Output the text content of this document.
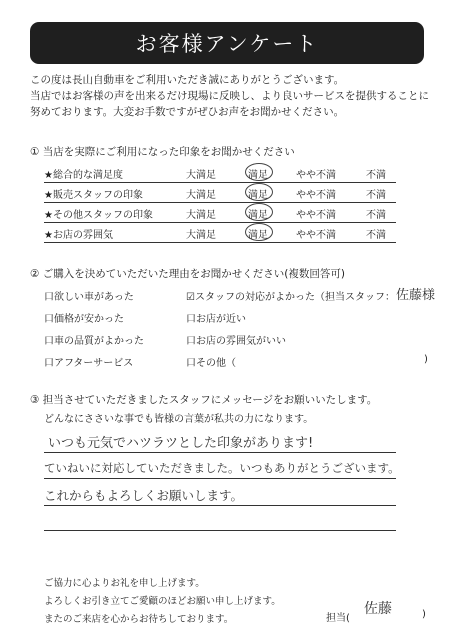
お客様アンケート
この度は長山自動車をご利用いただき誠にありがとうございます。
当店ではお客様の声を出来るだけ現場に反映し、より良いサービスを提供することに
努めております。大変お手数ですがぜひお声をお聞かせください。
① 当店を実際にご利用になった印象をお聞かせください
★総合的な満足度	大満足	満足	やや不満	不満
★販売スタッフの印象	大満足	満足	やや不満	不満
★その他スタッフの印象	大満足	満足	やや不満	不満
★お店の雰囲気	大満足	満足	やや不満	不満
② ご購入を決めていただいた理由をお聞かせください(複数回答可)
口欲しい車があった	☑スタッフの対応がよかった（担当スタッフ： 佐藤様
口価格が安かった	口お店が近い
口車の品質がよかった	口お店の雰囲気がいい
口アフターサービス	口その他（	)
③ 担当させていただきましたスタッフにメッセージをお願いいたします。
どんなにささいな事でも皆様の言葉が私共の力になります。
いつも元気でハツラツとした印象があります!
ていねいに対応していただきました。いつもありがとうございます。
これからもよろしくお願いします。
ご協力に心よりお礼を申し上げます。
よろしくお引き立てご愛顧のほどお願い申し上げます。
またのご来店を心からお待ちしております。	担当(
佐藤	)
